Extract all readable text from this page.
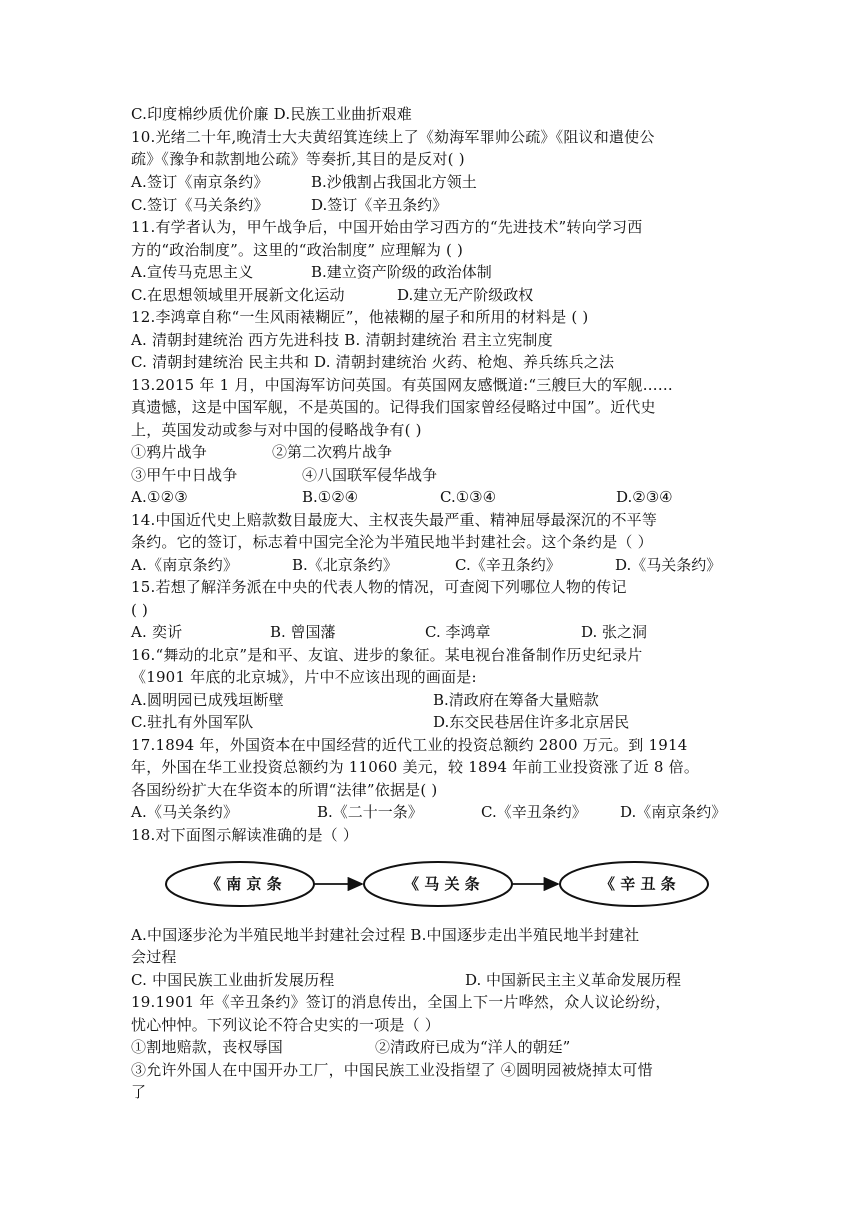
C.印度棉纱质优价廉 D.民族工业曲折艰难
10.光绪二十年,晚清士大夫黄绍箕连续上了《劾海军罪帅公疏》《阻议和遣使公
疏》《豫争和款割地公疏》等奏折,其目的是反对( )
A.签订《南京条约》	B.沙俄割占我国北方领土
C.签订《马关条约》	D.签订《辛丑条约》
11.有学者认为，甲午战争后，中国开始由学习西方的“先进技术”转向学习西
方的“政治制度”。这里的“政治制度” 应理解为 ( )
A.宣传马克思主义	B.建立资产阶级的政治体制
C.在思想领域里开展新文化运动	D.建立无产阶级政权
12.李鸿章自称“一生风雨裱糊匠”，他裱糊的屋子和所用的材料是 ( )
A. 清朝封建统治 西方先进科技 B. 清朝封建统治 君主立宪制度
C. 清朝封建统治 民主共和 D. 清朝封建统治 火药、枪炮、养兵练兵之法
13.2015 年 1 月，中国海军访问英国。有英国网友感慨道:“三艘巨大的军舰……
真遗憾，这是中国军舰，不是英国的。记得我们国家曾经侵略过中国”。近代史
上，英国发动或参与对中国的侵略战争有( )
①鸦片战争	②第二次鸦片战争
③甲午中日战争	④八国联军侵华战争
A.①②③	B.①②④	C.①③④	D.②③④
14.中国近代史上赔款数目最庞大、主权丧失最严重、精神屈辱最深沉的不平等
条约。它的签订，标志着中国完全沦为半殖民地半封建社会。这个条约是（ ）
A.《南京条约》	B.《北京条约》	C.《辛丑条约》	D.《马关条约》
15.若想了解洋务派在中央的代表人物的情况，可查阅下列哪位人物的传记
( )
A. 奕䜣	B. 曾国藩	C. 李鸿章	D. 张之洞
16.“舞动的北京”是和平、友谊、进步的象征。某电视台准备制作历史纪录片
《1901 年底的北京城》，片中不应该出现的画面是:
A.圆明园已成残垣断壁	B.清政府在筹备大量赔款
C.驻扎有外国军队	D.东交民巷居住许多北京居民
17.1894 年，外国资本在中国经营的近代工业的投资总额约 2800 万元。到 1914
年，外国在华工业投资总额约为 11060 美元，较 1894 年前工业投资涨了近 8 倍。
各国纷纷扩大在华资本的所谓“法律”依据是( )
A.《马关条约》	B.《二十一条》	C.《辛丑条约》 D.《南京条约》
18.对下面图示解读准确的是（ ）
《 南 京 条	《 马 关 条	《 辛 丑 条
A.中国逐步沦为半殖民地半封建社会过程 B.中国逐步走出半殖民地半封建社
会过程
C. 中国民族工业曲折发展历程	D. 中国新民主主义革命发展历程
19.1901 年《辛丑条约》签订的消息传出，全国上下一片哗然，众人议论纷纷，
忧心忡忡。下列议论不符合史实的一项是（ ）
①割地赔款，丧权辱国	②清政府已成为“洋人的朝廷”
③允许外国人在中国开办工厂，中国民族工业没指望了 ④圆明园被烧掉太可惜
了
